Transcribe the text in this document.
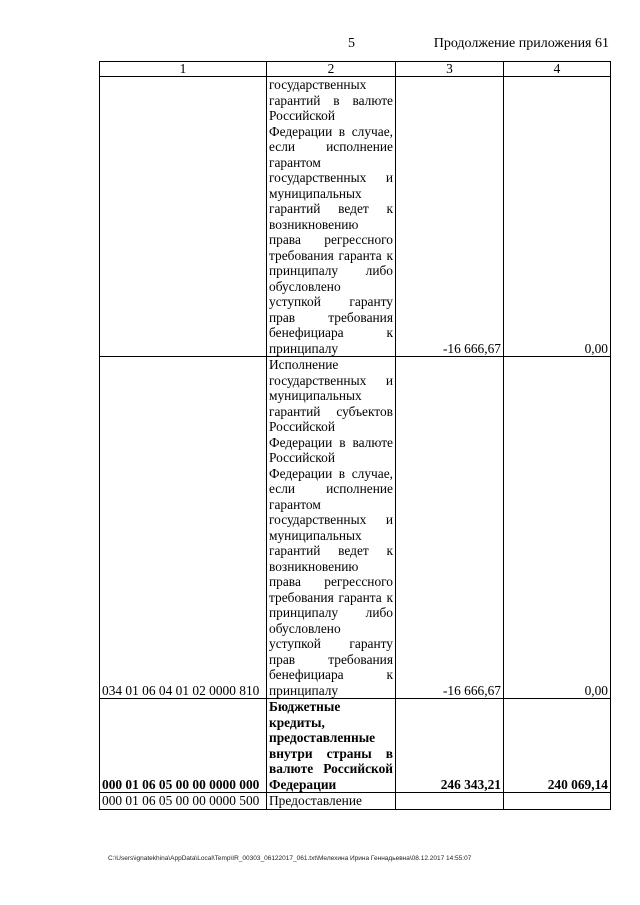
5	Продолжение приложения 61
1	2	3	4
	государственных гарантий в валюте Российской Федерации в случае, если исполнение гарантом государственных и муниципальных гарантий ведет к возникновению права регрессного требования гаранта к принципалу либо обусловлено уступкой гаранту прав требования бенефициара к принципалу	-16 666,67	0,00
034 01 06 04 01 02 0000 810	Исполнение государственных и муниципальных гарантий субъектов Российской Федерации в валюте Российской Федерации в случае, если исполнение гарантом государственных и муниципальных гарантий ведет к возникновению права регрессного требования гаранта к принципалу либо обусловлено уступкой гаранту прав требования бенефициара к принципалу	-16 666,67	0,00
000 01 06 05 00 00 0000 000	Бюджетные кредиты, предоставленные внутри страны в валюте Российской Федерации	246 343,21	240 069,14
000 01 06 05 00 00 0000 500	Предоставление		
C:\Users\ignatekhina\AppData\Local\Temp\IR_00303_06122017_061.txt\Мелехина Ирина Геннадьевна\08.12.2017 14:55:07
